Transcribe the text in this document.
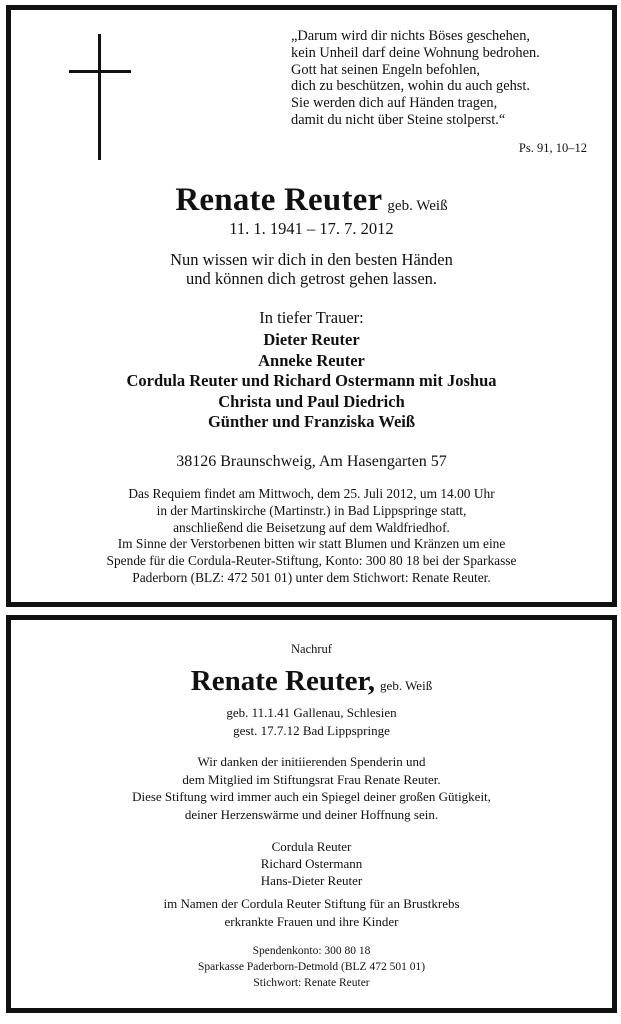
„Darum wird dir nichts Böses geschehen,
kein Unheil darf deine Wohnung bedrohen.
Gott hat seinen Engeln befohlen,
dich zu beschützen, wohin du auch gehst.
Sie werden dich auf Händen tragen,
damit du nicht über Steine stolperst.“
Ps. 91, 10–12
Renate Reuter geb. Weiß
11. 1. 1941 – 17. 7. 2012
Nun wissen wir dich in den besten Händen
und können dich getrost gehen lassen.
In tiefer Trauer:
Dieter Reuter
Anneke Reuter
Cordula Reuter und Richard Ostermann mit Joshua
Christa und Paul Diedrich
Günther und Franziska Weiß
38126 Braunschweig, Am Hasengarten 57
Das Requiem findet am Mittwoch, dem 25. Juli 2012, um 14.00 Uhr
in der Martinskirche (Martinstr.) in Bad Lippspringe statt,
anschließend die Beisetzung auf dem Waldfriedhof.
Im Sinne der Verstorbenen bitten wir statt Blumen und Kränzen um eine
Spende für die Cordula-Reuter-Stiftung, Konto: 300 80 18 bei der Sparkasse
Paderborn (BLZ: 472 501 01) unter dem Stichwort: Renate Reuter.
Nachruf
Renate Reuter, geb. Weiß
geb. 11.1.41 Gallenau, Schlesien
gest. 17.7.12 Bad Lippspringe
Wir danken der initiierenden Spenderin und
dem Mitglied im Stiftungsrat Frau Renate Reuter.
Diese Stiftung wird immer auch ein Spiegel deiner großen Gütigkeit,
deiner Herzenswärme und deiner Hoffnung sein.
Cordula Reuter
Richard Ostermann
Hans-Dieter Reuter
im Namen der Cordula Reuter Stiftung für an Brustkrebs
erkrankte Frauen und ihre Kinder
Spendenkonto: 300 80 18
Sparkasse Paderborn-Detmold (BLZ 472 501 01)
Stichwort: Renate Reuter
